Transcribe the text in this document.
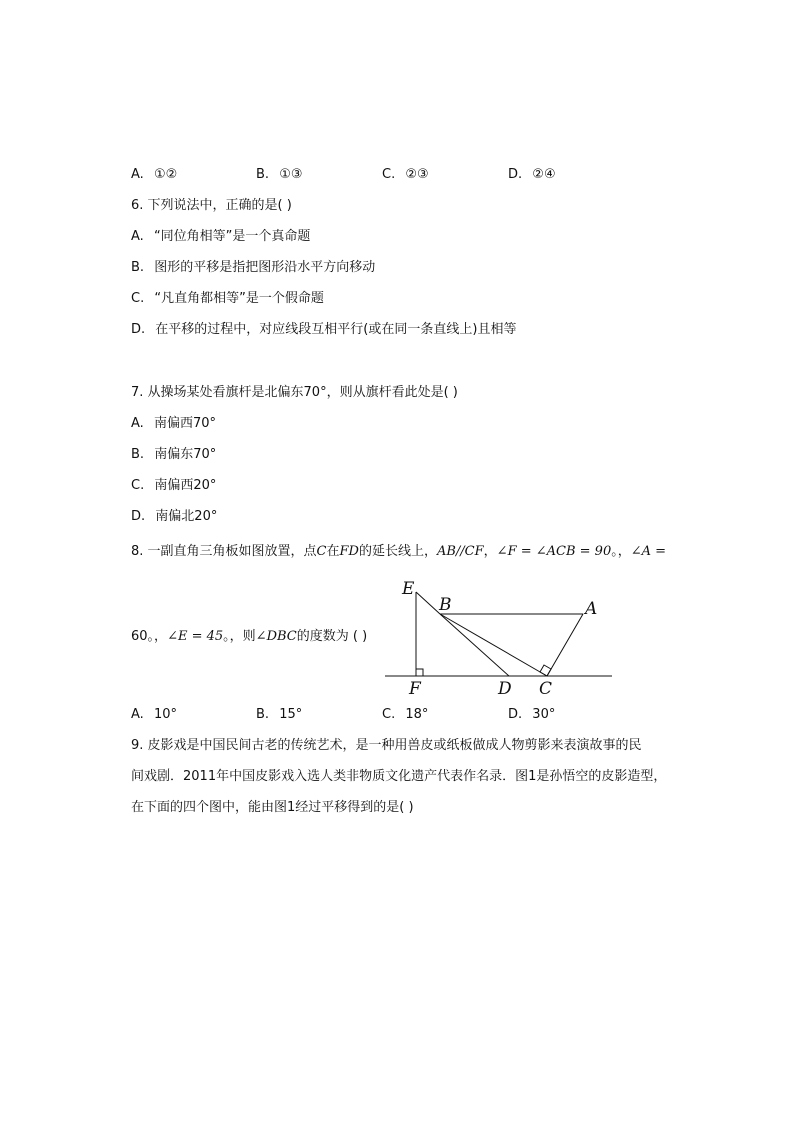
A. ①②	B. ①③	C. ②③	D. ②④
6. 下列说法中，正确的是( )
A. “同位角相等”是一个真命题
B. 图形的平移是指把图形沿水平方向移动
C. “凡直角都相等”是一个假命题
D. 在平移的过程中，对应线段互相平行(或在同一条直线上)且相等
7. 从操场某处看旗杆是北偏东70°，则从旗杆看此处是( )
A. 南偏西70°
B. 南偏东70°
C. 南偏西20°
D. 南偏北20°
8. 一副直角三角板如图放置，点C在FD的延长线上，AB//CF，∠F = ∠ACB = 90。，∠A =
60。，∠E = 45。，则∠DBC的度数为 ( )
E
B	A
F	D C
A. 10°	B. 15°	C. 18°	D. 30°
9. 皮影戏是中国民间古老的传统艺术，是一种用兽皮或纸板做成人物剪影来表演故事的民
间戏剧．2011年中国皮影戏入选人类非物质文化遗产代表作名录．图1是孙悟空的皮影造型，
在下面的四个图中，能由图1经过平移得到的是( )
